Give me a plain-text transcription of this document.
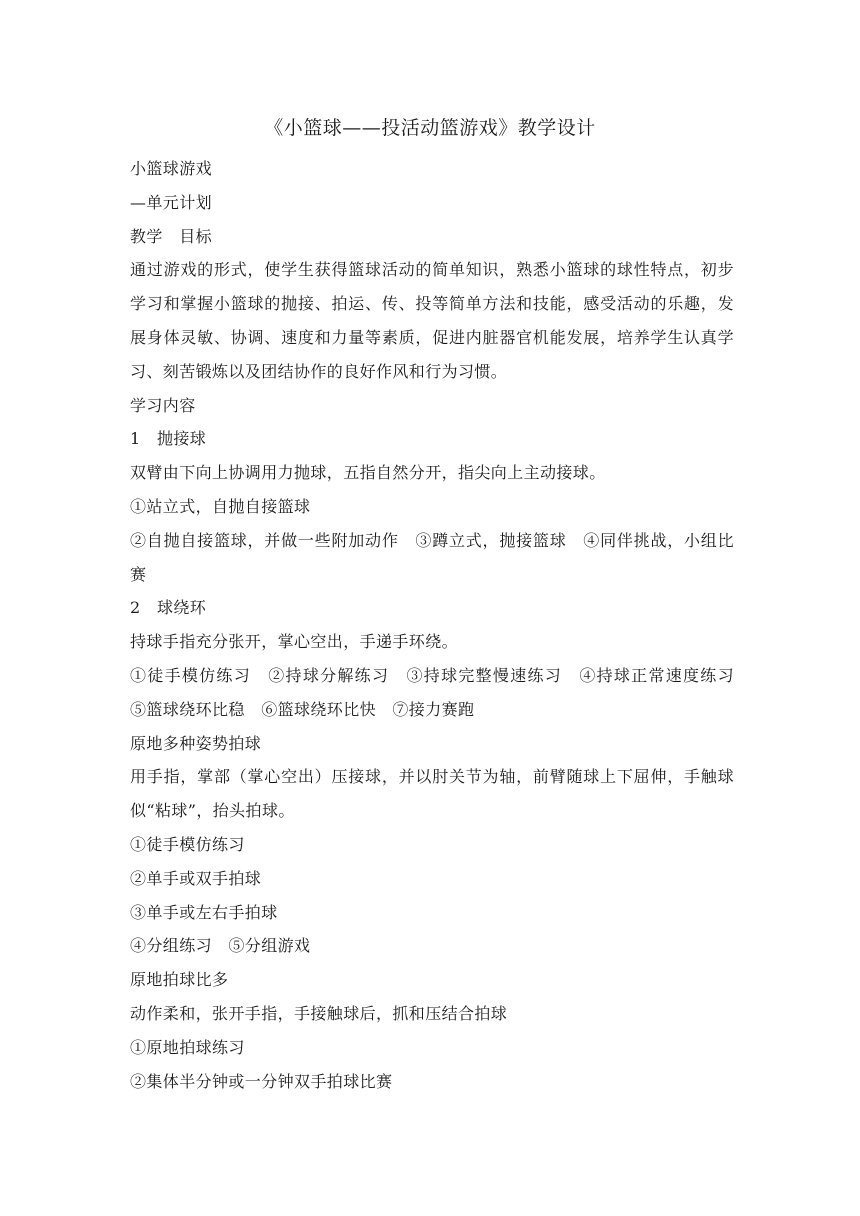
《小篮球——投活动篮游戏》教学设计

小篮球游戏

—单元计划

教学　目标

通过游戏的形式，使学生获得篮球活动的简单知识，熟悉小篮球的球性特点，初步学习和掌握小篮球的抛接、拍运、传、投等简单方法和技能，感受活动的乐趣，发展身体灵敏、协调、速度和力量等素质，促进内脏器官机能发展，培养学生认真学习、刻苦锻炼以及团结协作的良好作风和行为习惯。

学习内容

1　抛接球

双臂由下向上协调用力抛球，五指自然分开，指尖向上主动接球。

①站立式，自抛自接篮球

②自抛自接篮球，并做一些附加动作　③蹲立式，抛接篮球　④同伴挑战，小组比赛

2　球绕环

持球手指充分张开，掌心空出，手递手环绕。

①徒手模仿练习　②持球分解练习　③持球完整慢速练习　④持球正常速度练习　⑤篮球绕环比稳　⑥篮球绕环比快　⑦接力赛跑

原地多种姿势拍球

用手指，掌部（掌心空出）压接球，并以肘关节为轴，前臂随球上下屈伸，手触球似“粘球”，抬头拍球。

①徒手模仿练习

②单手或双手拍球

③单手或左右手拍球

④分组练习　⑤分组游戏

原地拍球比多

动作柔和，张开手指，手接触球后，抓和压结合拍球

①原地拍球练习

②集体半分钟或一分钟双手拍球比赛
